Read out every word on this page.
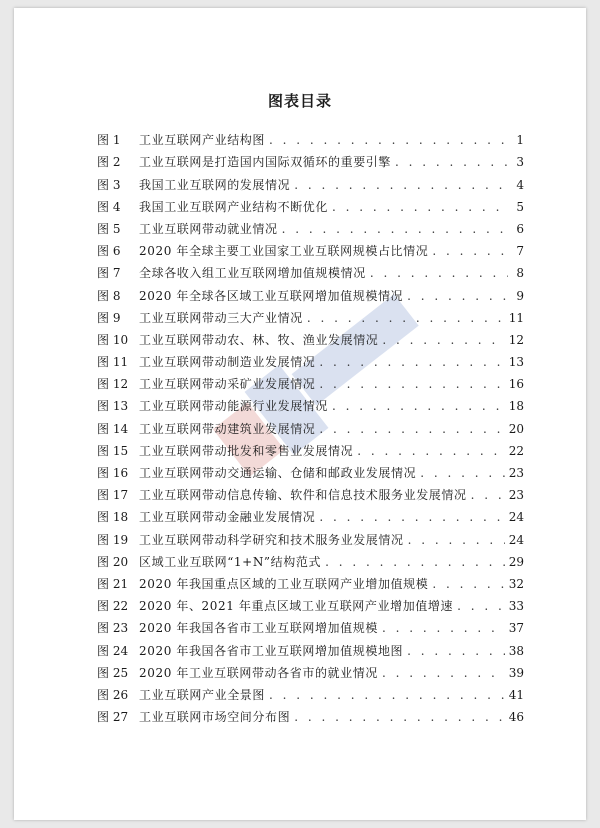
图表目录
图 1	工业互联网产业结构图 . . .	1
图 2	工业互联网是打造国内国际双循环的重要引擎 . . .	3
图 3	我国工业互联网的发展情况 . . .	4
图 4	我国工业互联网产业结构不断优化 . . .	5
图 5	工业互联网带动就业情况 . . .	6
图 6	2020 年全球主要工业国家工业互联网规模占比情况 . . .	7
图 7	全球各收入组工业互联网增加值规模情况 . . .	8
图 8	2020 年全球各区域工业互联网增加值规模情况 . . .	9
图 9	工业互联网带动三大产业情况 . . .	11
图 10 工业互联网带动农、林、牧、渔业发展情况 . . .	12
图 11 工业互联网带动制造业发展情况 . . .	13
图 12 工业互联网带动采矿业发展情况 . . .	16
图 13 工业互联网带动能源行业发展情况 . . .	18
图 14 工业互联网带动建筑业发展情况 . . .	20
图 15 工业互联网带动批发和零售业发展情况 . . .	22
图 16 工业互联网带动交通运输、仓储和邮政业发展情况 . . .	23
图 17 工业互联网带动信息传输、软件和信息技术服务业发展情况 . . .	23
图 18 工业互联网带动金融业发展情况 . . .	24
图 19 工业互联网带动科学研究和技术服务业发展情况 . . .	24
图 20 区域工业互联网“1+N”结构范式 . . .	29
图 21 2020 年我国重点区域的工业互联网产业增加值规模 . . .	32
图 22 2020 年、2021 年重点区域工业互联网产业增加值增速 . . .	33
图 23 2020 年我国各省市工业互联网增加值规模 . . .	37
图 24 2020 年我国各省市工业互联网增加值规模地图 . . .	38
图 25 2020 年工业互联网带动各省市的就业情况 . . .	39
图 26 工业互联网产业全景图 . . .	41
图 27 工业互联网市场空间分布图 . . .	46
